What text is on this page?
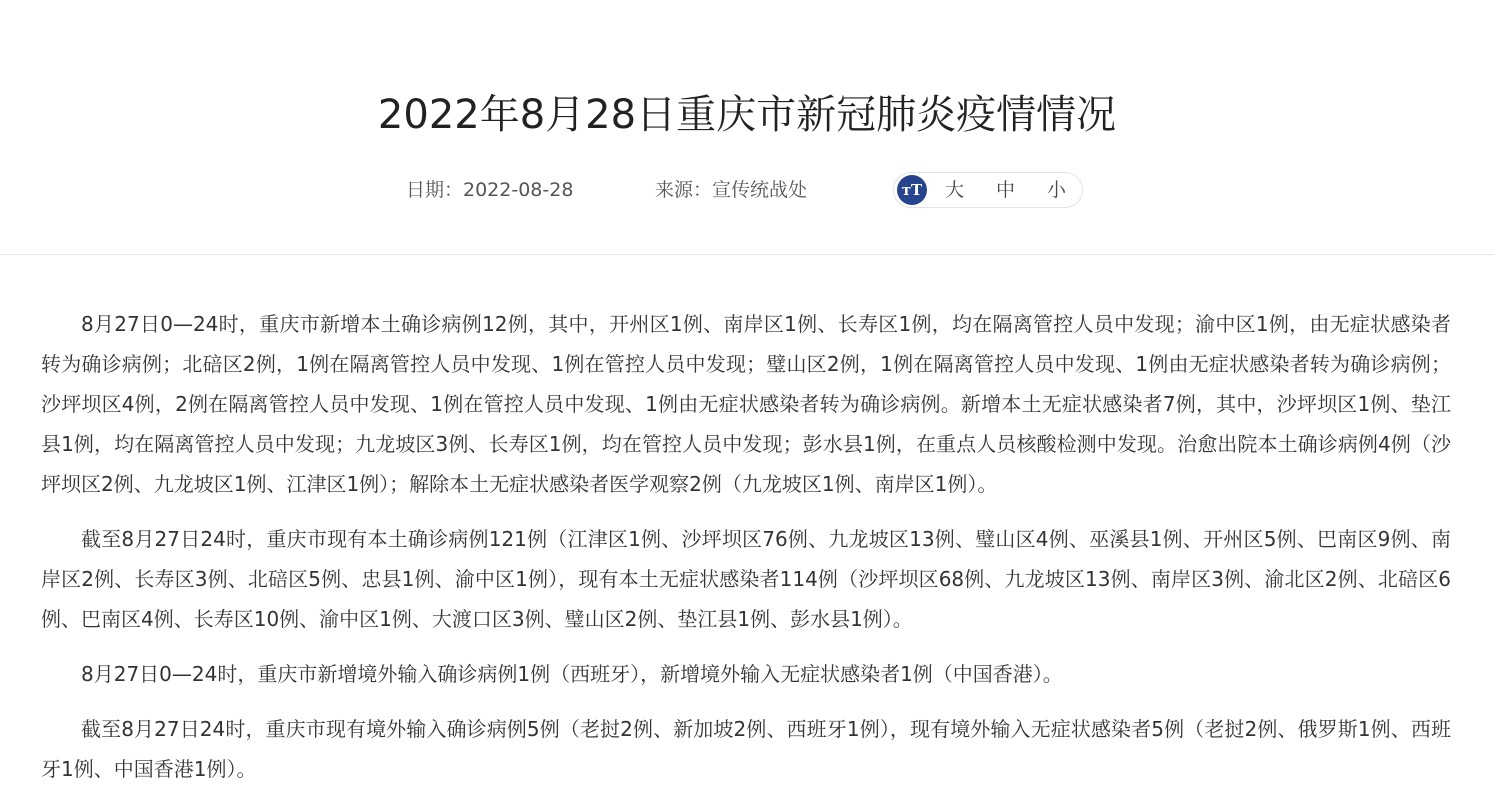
2022年8月28日重庆市新冠肺炎疫情情况
日期：2022-08-28	来源：宣传统战处	тT 大 中 小

8月27日0—24时，重庆市新增本土确诊病例12例，其中，开州区1例、南岸区1例、长寿区1例，均在隔离管控人员中发现；渝中区1例，由无症状感染者转为确诊病例；北碚区2例，1例在隔离管控人员中发现、1例在管控人员中发现；璧山区2例，1例在隔离管控人员中发现、1例由无症状感染者转为确诊病例；沙坪坝区4例，2例在隔离管控人员中发现、1例在管控人员中发现、1例由无症状感染者转为确诊病例。新增本土无症状感染者7例，其中，沙坪坝区1例、垫江县1例，均在隔离管控人员中发现；九龙坡区3例、长寿区1例，均在管控人员中发现；彭水县1例，在重点人员核酸检测中发现。治愈出院本土确诊病例4例（沙坪坝区2例、九龙坡区1例、江津区1例）；解除本土无症状感染者医学观察2例（九龙坡区1例、南岸区1例）。

截至8月27日24时，重庆市现有本土确诊病例121例（江津区1例、沙坪坝区76例、九龙坡区13例、璧山区4例、巫溪县1例、开州区5例、巴南区9例、南岸区2例、长寿区3例、北碚区5例、忠县1例、渝中区1例），现有本土无症状感染者114例（沙坪坝区68例、九龙坡区13例、南岸区3例、渝北区2例、北碚区6例、巴南区4例、长寿区10例、渝中区1例、大渡口区3例、璧山区2例、垫江县1例、彭水县1例）。

8月27日0—24时，重庆市新增境外输入确诊病例1例（西班牙），新增境外输入无症状感染者1例（中国香港）。

截至8月27日24时，重庆市现有境外输入确诊病例5例（老挝2例、新加坡2例、西班牙1例），现有境外输入无症状感染者5例（老挝2例、俄罗斯1例、西班牙1例、中国香港1例）。
